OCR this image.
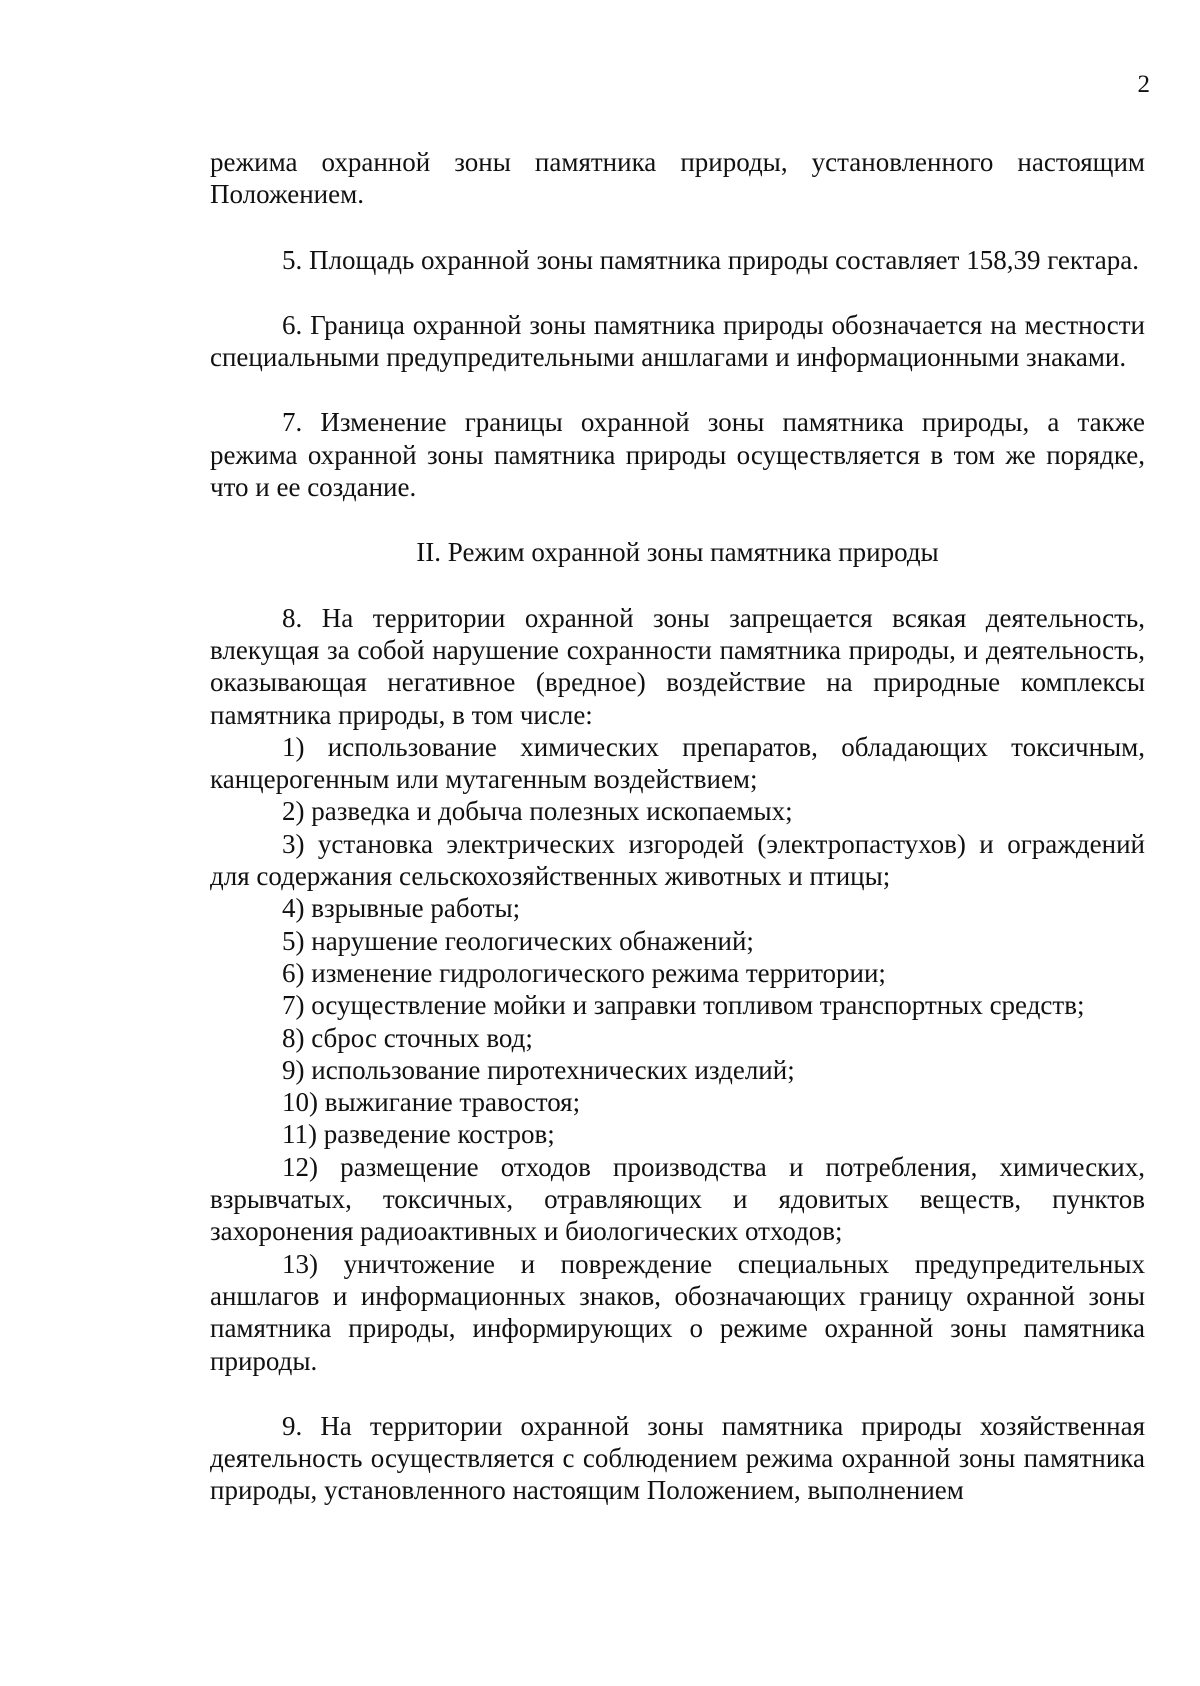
2

режима охранной зоны памятника природы, установленного настоящим Положением.

5. Площадь охранной зоны памятника природы составляет 158,39 гектара.

6. Граница охранной зоны памятника природы обозначается на местности специальными предупредительными аншлагами и информационными знаками.

7. Изменение границы охранной зоны памятника природы, а также режима охранной зоны памятника природы осуществляется в том же порядке, что и ее создание.

II. Режим охранной зоны памятника природы

8. На территории охранной зоны запрещается всякая деятельность, влекущая за собой нарушение сохранности памятника природы, и деятельность, оказывающая негативное (вредное) воздействие на природные комплексы памятника природы, в том числе:

1) использование химических препаратов, обладающих токсичным, канцерогенным или мутагенным воздействием;

2) разведка и добыча полезных ископаемых;

3) установка электрических изгородей (электропастухов) и ограждений для содержания сельскохозяйственных животных и птицы;

4) взрывные работы;

5) нарушение геологических обнажений;

6) изменение гидрологического режима территории;

7) осуществление мойки и заправки топливом транспортных средств;

8) сброс сточных вод;

9) использование пиротехнических изделий;

10) выжигание травостоя;

11) разведение костров;

12) размещение отходов производства и потребления, химических, взрывчатых, токсичных, отравляющих и ядовитых веществ, пунктов захоронения радиоактивных и биологических отходов;

13) уничтожение и повреждение специальных предупредительных аншлагов и информационных знаков, обозначающих границу охранной зоны памятника природы, информирующих о режиме охранной зоны памятника природы.

9. На территории охранной зоны памятника природы хозяйственная деятельность осуществляется с соблюдением режима охранной зоны памятника природы, установленного настоящим Положением, выполнением
